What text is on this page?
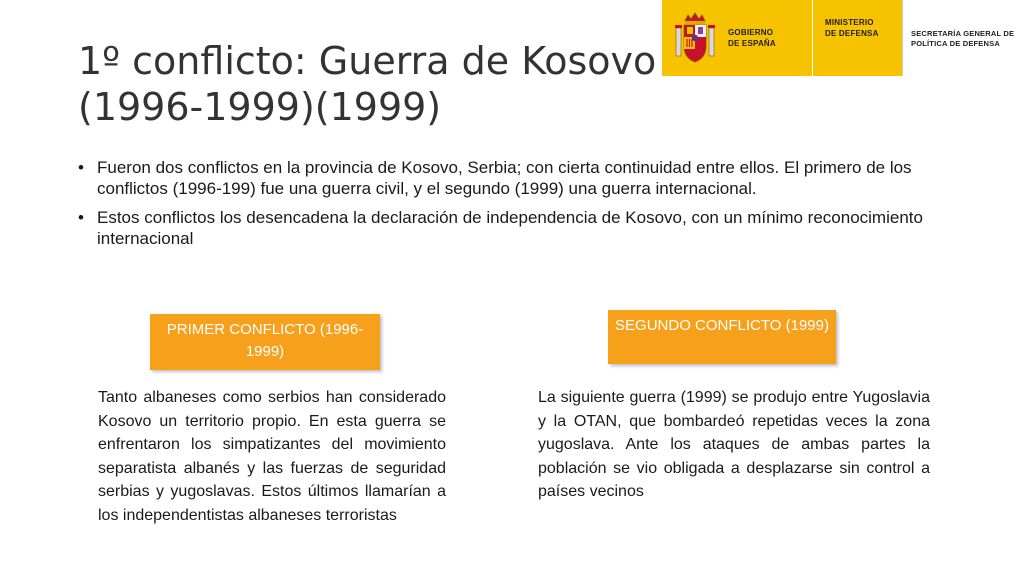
GOBIERNO
DE ESPAÑA
MINISTERIO
DE DEFENSA	SECRETARÍA GENERAL DE
POLÍTICA DE DEFENSA
1º conflicto: Guerra de Kosovo (1996-1999)(1999)
• Fueron dos conflictos en la provincia de Kosovo, Serbia; con cierta continuidad entre ellos. El primero de los conflictos (1996-199) fue una guerra civil, y el segundo (1999) una guerra internacional.
• Estos conflictos los desencadena la declaración de independencia de Kosovo, con un mínimo reconocimiento internacional
PRIMER CONFLICTO (1996-1999)
SEGUNDO CONFLICTO (1999)

Tanto albaneses como serbios han considerado Kosovo un territorio propio. En esta guerra se enfrentaron los simpatizantes del movimiento separatista albanés y las fuerzas de seguridad serbias y yugoslavas. Estos últimos llamarían a los independentistas albaneses terroristas

La siguiente guerra (1999) se produjo entre Yugoslavia y la OTAN, que bombardeó repetidas veces la zona yugoslava. Ante los ataques de ambas partes la población se vio obligada a desplazarse sin control a países vecinos
